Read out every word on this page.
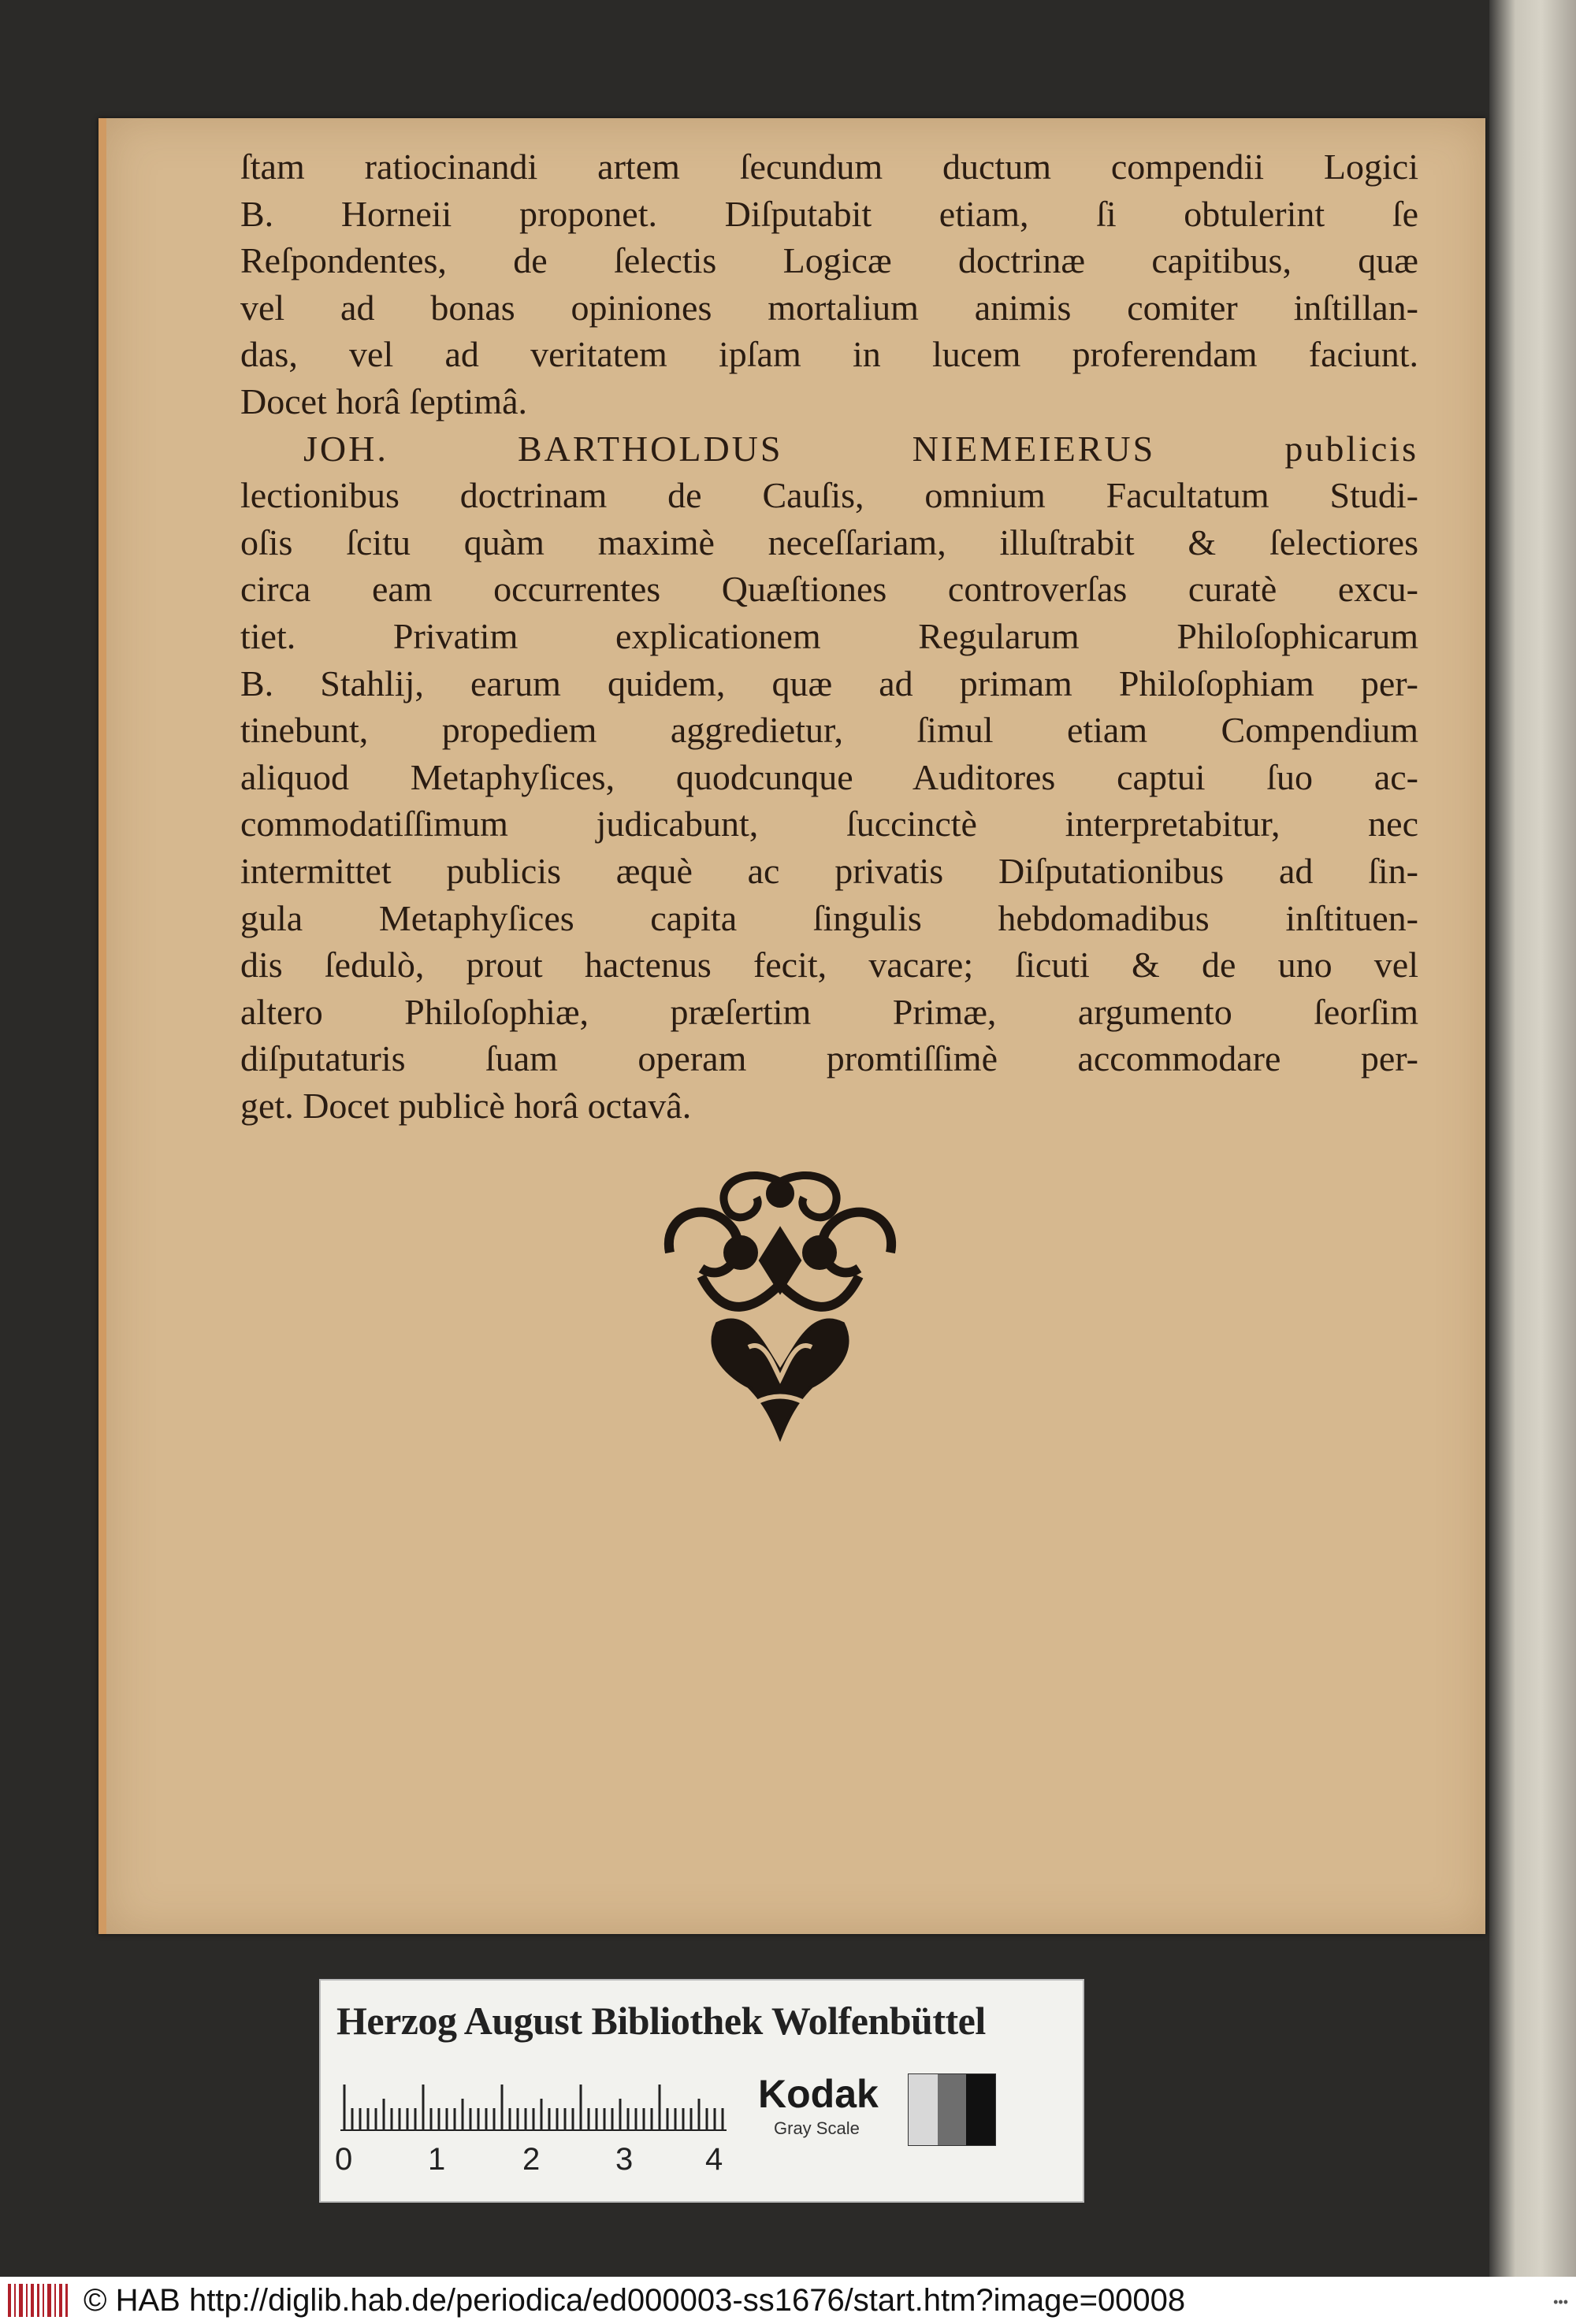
ſtam ratiocinandi artem ſecundum ductum compendii Logici
B. Horneii proponet. Diſputabit etiam, ſi obtulerint ſe
Reſpondentes, de ſelectis Logicæ doctrinæ capitibus, quæ
vel ad bonas opiniones mortalium animis comiter inſtillan-
das, vel ad veritatem ipſam in lucem proferendam faciunt.
Docet horâ ſeptimâ.
JOH. BARTHOLDUS NIEMEIERUS publicis
lectionibus doctrinam de Cauſis, omnium Facultatum Studi-
oſis ſcitu quàm maximè neceſſariam, illuſtrabit & ſelectiores
circa eam occurrentes Quæſtiones controverſas curatè excu-
tiet. Privatim explicationem Regularum Philoſophicarum
B. Stahlij, earum quidem, quæ ad primam Philoſophiam per-
tinebunt, propediem aggredietur, ſimul etiam Compendium
aliquod Metaphyſices, quodcunque Auditores captui ſuo ac-
commodatiſſimum judicabunt, ſuccinctè interpretabitur, nec
intermittet publicis æquè ac privatis Diſputationibus ad ſin-
gula Metaphyſices capita ſingulis hebdomadibus inſtituen-
dis ſedulò, prout hactenus fecit, vacare; ſicuti & de uno vel
altero Philoſophiæ, præſertim Primæ, argumento ſeorſim
diſputaturis ſuam operam promtiſſimè accommodare per-
get. Docet publicè horâ octavâ.
Herzog August Bibliothek Wolfenbüttel
0 1 2 3 4
Kodak
Gray Scale
© HAB http://diglib.hab.de/periodica/ed000003-ss1676/start.htm?image=00008	•••
